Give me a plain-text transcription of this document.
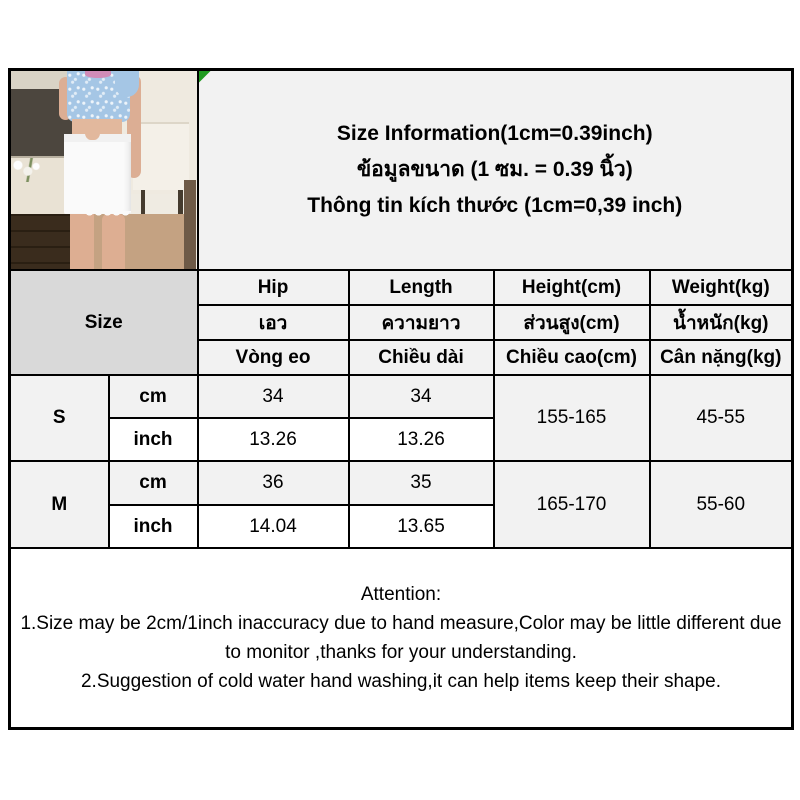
		Size Information(1cm=0.39inch)
ข้อมูลขนาด (1 ซม. = 0.39 นิ้ว)
Thông tin kích thước (1cm=0,39 inch)			

Size		Hip	Length	Height(cm)	Weight(kg)
		เอว	ความยาว	ส่วนสูง(cm)	น้ำหนัก(kg)
		Vòng eo	Chiều dài	Chiều cao(cm)	Cân nặng(kg)
S	cm	34	34	155-165	45-55
	inch	13.26	13.26		
M	cm	36	35	165-170	55-60
	inch	14.04	13.65		

Attention:
1.Size may be 2cm/1inch inaccuracy due to hand measure,Color may be little different due to monitor ,thanks for your understanding.
2.Suggestion of cold water hand washing,it can help items keep their shape.					
